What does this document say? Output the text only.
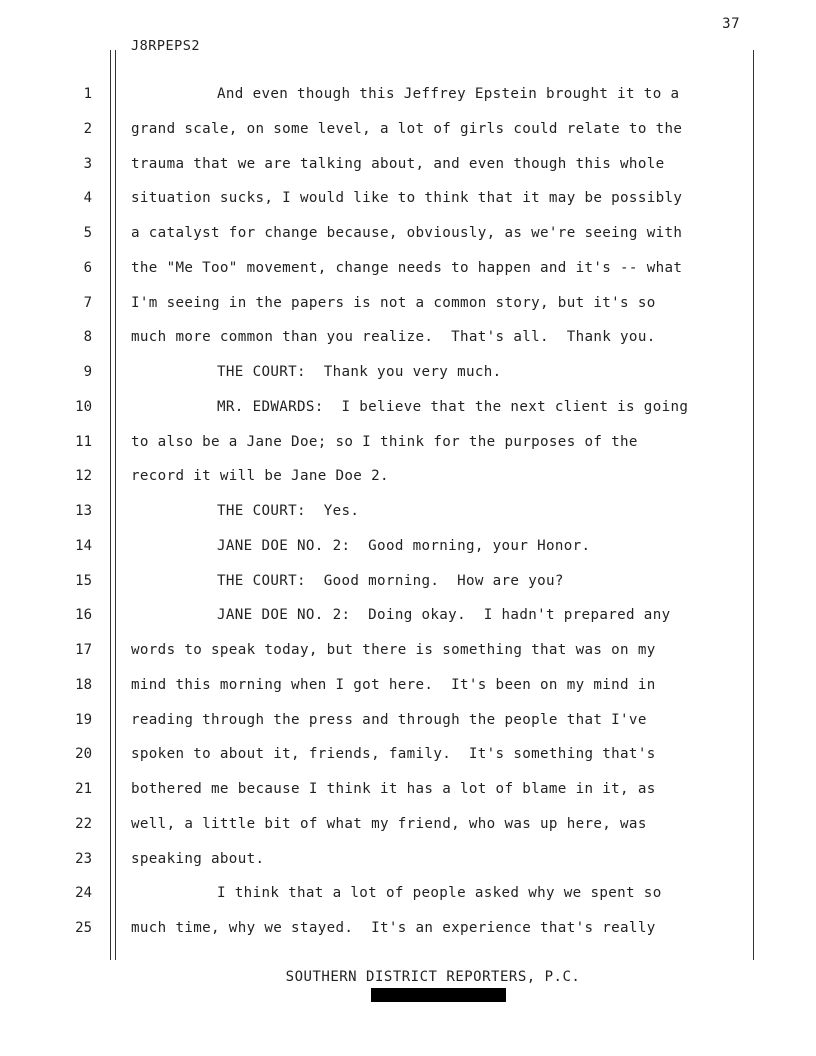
37
J8RPEPS2
1	And even though this Jeffrey Epstein brought it to a
2	grand scale, on some level, a lot of girls could relate to the
3	trauma that we are talking about, and even though this whole
4	situation sucks, I would like to think that it may be possibly
5	a catalyst for change because, obviously, as we're seeing with
6	the "Me Too" movement, change needs to happen and it's -- what
7	I'm seeing in the papers is not a common story, but it's so
8	much more common than you realize.  That's all.  Thank you.
9	THE COURT:  Thank you very much.
10	MR. EDWARDS:  I believe that the next client is going
11	to also be a Jane Doe; so I think for the purposes of the
12	record it will be Jane Doe 2.
13	THE COURT:  Yes.
14	JANE DOE NO. 2:  Good morning, your Honor.
15	THE COURT:  Good morning.  How are you?
16	JANE DOE NO. 2:  Doing okay.  I hadn't prepared any
17	words to speak today, but there is something that was on my
18	mind this morning when I got here.  It's been on my mind in
19	reading through the press and through the people that I've
20	spoken to about it, friends, family.  It's something that's
21	bothered me because I think it has a lot of blame in it, as
22	well, a little bit of what my friend, who was up here, was
23	speaking about.
24	I think that a lot of people asked why we spent so
25	much time, why we stayed.  It's an experience that's really
SOUTHERN DISTRICT REPORTERS, P.C.
